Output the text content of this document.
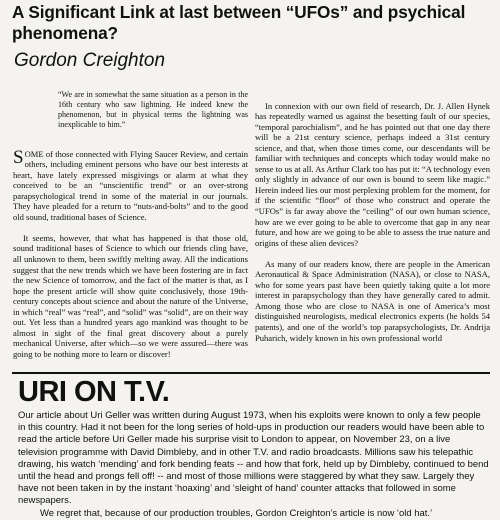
A Significant Link at last between “UFOs” and psychical phenomena?
Gordon Creighton
“We are in somewhat the same situation as a person in the 16th century who saw lightning. He indeed knew the phenomenon, but in physical terms the lightning was inexplicable to him.”

SOME of those connected with Flying Saucer Review, and certain others, including eminent persons who have our best interests at heart, have lately expressed misgivings or alarm at what they conceived to be an “unscientific trend” or an over-strong parapsychological trend in some of the material in our journals. They have pleaded for a return to “nuts-and-bolts” and to the good old sound, traditional bases of Science.

It seems, however, that what has happened is that those old, sound traditional bases of Science to which our friends cling have, all unknown to them, been swiftly melting away. All the indications suggest that the new trends which we have been fostering are in fact the new Science of tomorrow, and the fact of the matter is that, as I hope the present article will show quite conclusively, those 19th-century concepts about science and about the nature of the Universe, in which “real” was “real”, and “solid” was “solid”, are on their way out. Yet less than a hundred years ago mankind was thought to be almost in sight of the final great discovery about a purely mechanical Universe, after which—so we were assured—there was going to be nothing more to learn or discover!

In connexion with our own field of research, Dr. J. Allen Hynek has repeatedly warned us against the besetting fault of our species, “temporal parochialism”, and he has pointed out that one day there will be a 21st century science, perhaps indeed a 31st century science, and that, when those times come, our descendants will be familiar with techniques and concepts which today would make no sense to us at all. As Arthur Clark too has put it: “A technology even only slightly in advance of our own is bound to seem like magic.” Herein indeed lies our most perplexing problem for the moment, for if the scientific “floor” of those who construct and operate the “UFOs” is far away above the “ceiling” of our own human science, how are we ever going to be able to overcome that gap in any near future, and how are we going to be able to assess the true nature and origins of these alien devices?

As many of our readers know, there are people in the American Aeronautical & Space Administration (NASA), or close to NASA, who for some years past have been quietly taking quite a lot more interest in parapsychology than they have generally cared to admit. Among those who are close to NASA is one of America’s most distinguished neurologists, medical electronics experts (he holds 54 patents), and one of the world’s top parapsychologists, Dr. Andrija Puharich, widely known in his own professional world

URI ON T.V.

Our article about Uri Geller was written during August 1973, when his exploits were known to only a few people in this country. Had it not been for the long series of hold-ups in production our readers would have been able to read the article before Uri Geller made his surprise visit to London to appear, on November 23, on a live television programme with David Dimbleby, and in other T.V. and radio broadcasts. Millions saw his telepathic drawing, his watch ‘mending’ and fork bending feats -- and how that fork, held up by Dimbleby, continued to bend until the head and prongs fell off! -- and most of those millions were staggered by what they saw. Largely they have not been taken in by the instant ‘hoaxing’ and ‘sleight of hand’ counter attacks that followed in some newspapers.

We regret that, because of our production troubles, Gordon Creighton’s article is now ‘old hat.’
